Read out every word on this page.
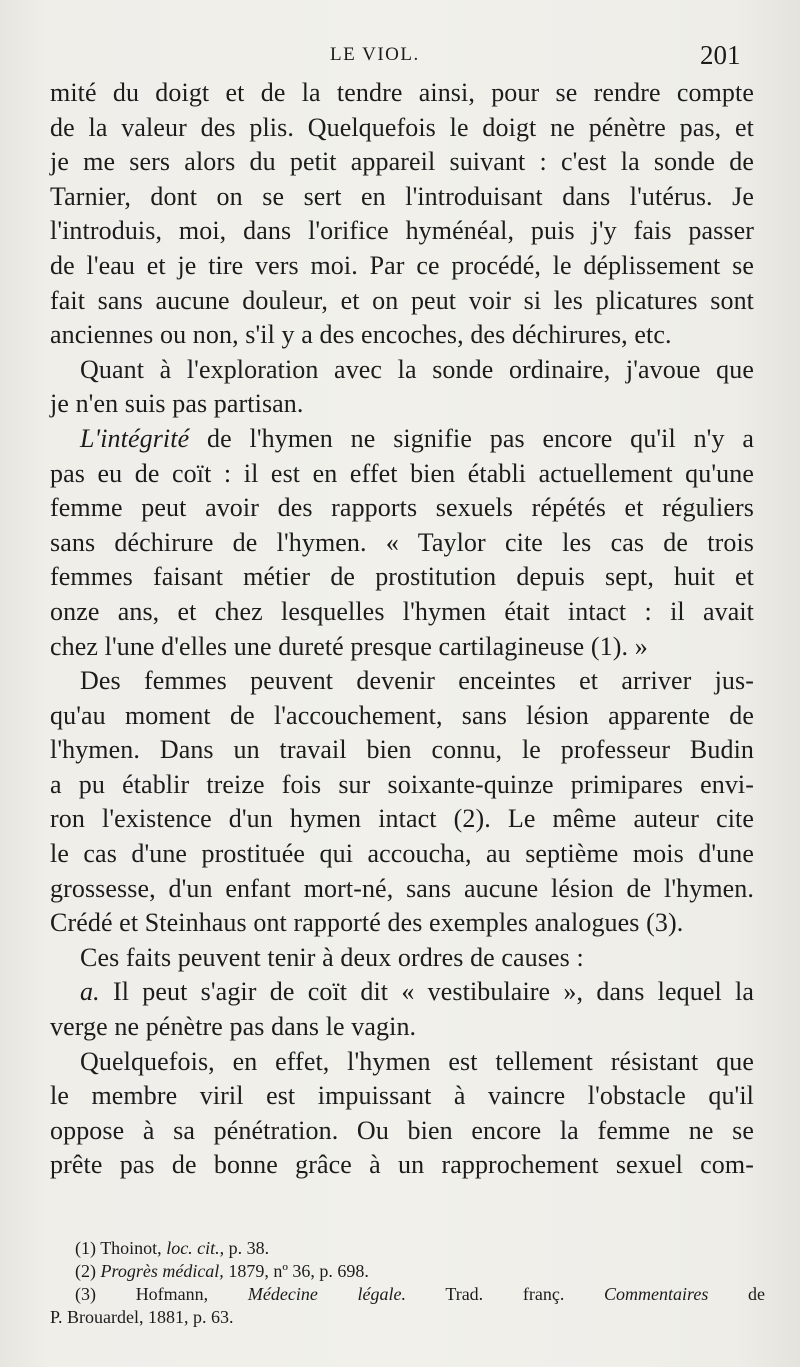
LE VIOL.	201

mité du doigt et de la tendre ainsi, pour se rendre compte

de la valeur des plis. Quelquefois le doigt ne pénètre pas, et

je me sers alors du petit appareil suivant : c'est la sonde de

Tarnier, dont on se sert en l'introduisant dans l'utérus. Je

l'introduis, moi, dans l'orifice hyménéal, puis j'y fais passer

de l'eau et je tire vers moi. Par ce procédé, le déplissement se

fait sans aucune douleur, et on peut voir si les plicatures sont

anciennes ou non, s'il y a des encoches, des déchirures, etc.

Quant à l'exploration avec la sonde ordinaire, j'avoue que

je n'en suis pas partisan.

L'intégrité de l'hymen ne signifie pas encore qu'il n'y a

pas eu de coït : il est en effet bien établi actuellement qu'une

femme peut avoir des rapports sexuels répétés et réguliers

sans déchirure de l'hymen. « Taylor cite les cas de trois

femmes faisant métier de prostitution depuis sept, huit et

onze ans, et chez lesquelles l'hymen était intact : il avait

chez l'une d'elles une dureté presque cartilagineuse (1). »

Des femmes peuvent devenir enceintes et arriver jus-

qu'au moment de l'accouchement, sans lésion apparente de

l'hymen. Dans un travail bien connu, le professeur Budin

a pu établir treize fois sur soixante-quinze primipares envi-

ron l'existence d'un hymen intact (2). Le même auteur cite

le cas d'une prostituée qui accoucha, au septième mois d'une

grossesse, d'un enfant mort-né, sans aucune lésion de l'hymen.

Crédé et Steinhaus ont rapporté des exemples analogues (3).

Ces faits peuvent tenir à deux ordres de causes :

a. Il peut s'agir de coït dit « vestibulaire », dans lequel la

verge ne pénètre pas dans le vagin.

Quelquefois, en effet, l'hymen est tellement résistant que

le membre viril est impuissant à vaincre l'obstacle qu'il

oppose à sa pénétration. Ou bien encore la femme ne se

prête pas de bonne grâce à un rapprochement sexuel com-

(1) Thoinot, loc. cit., p. 38.

(2) Progrès médical, 1879, nº 36, p. 698.

(3) Hofmann, Médecine légale. Trad. franç. Commentaires de

P. Brouardel, 1881, p. 63.
